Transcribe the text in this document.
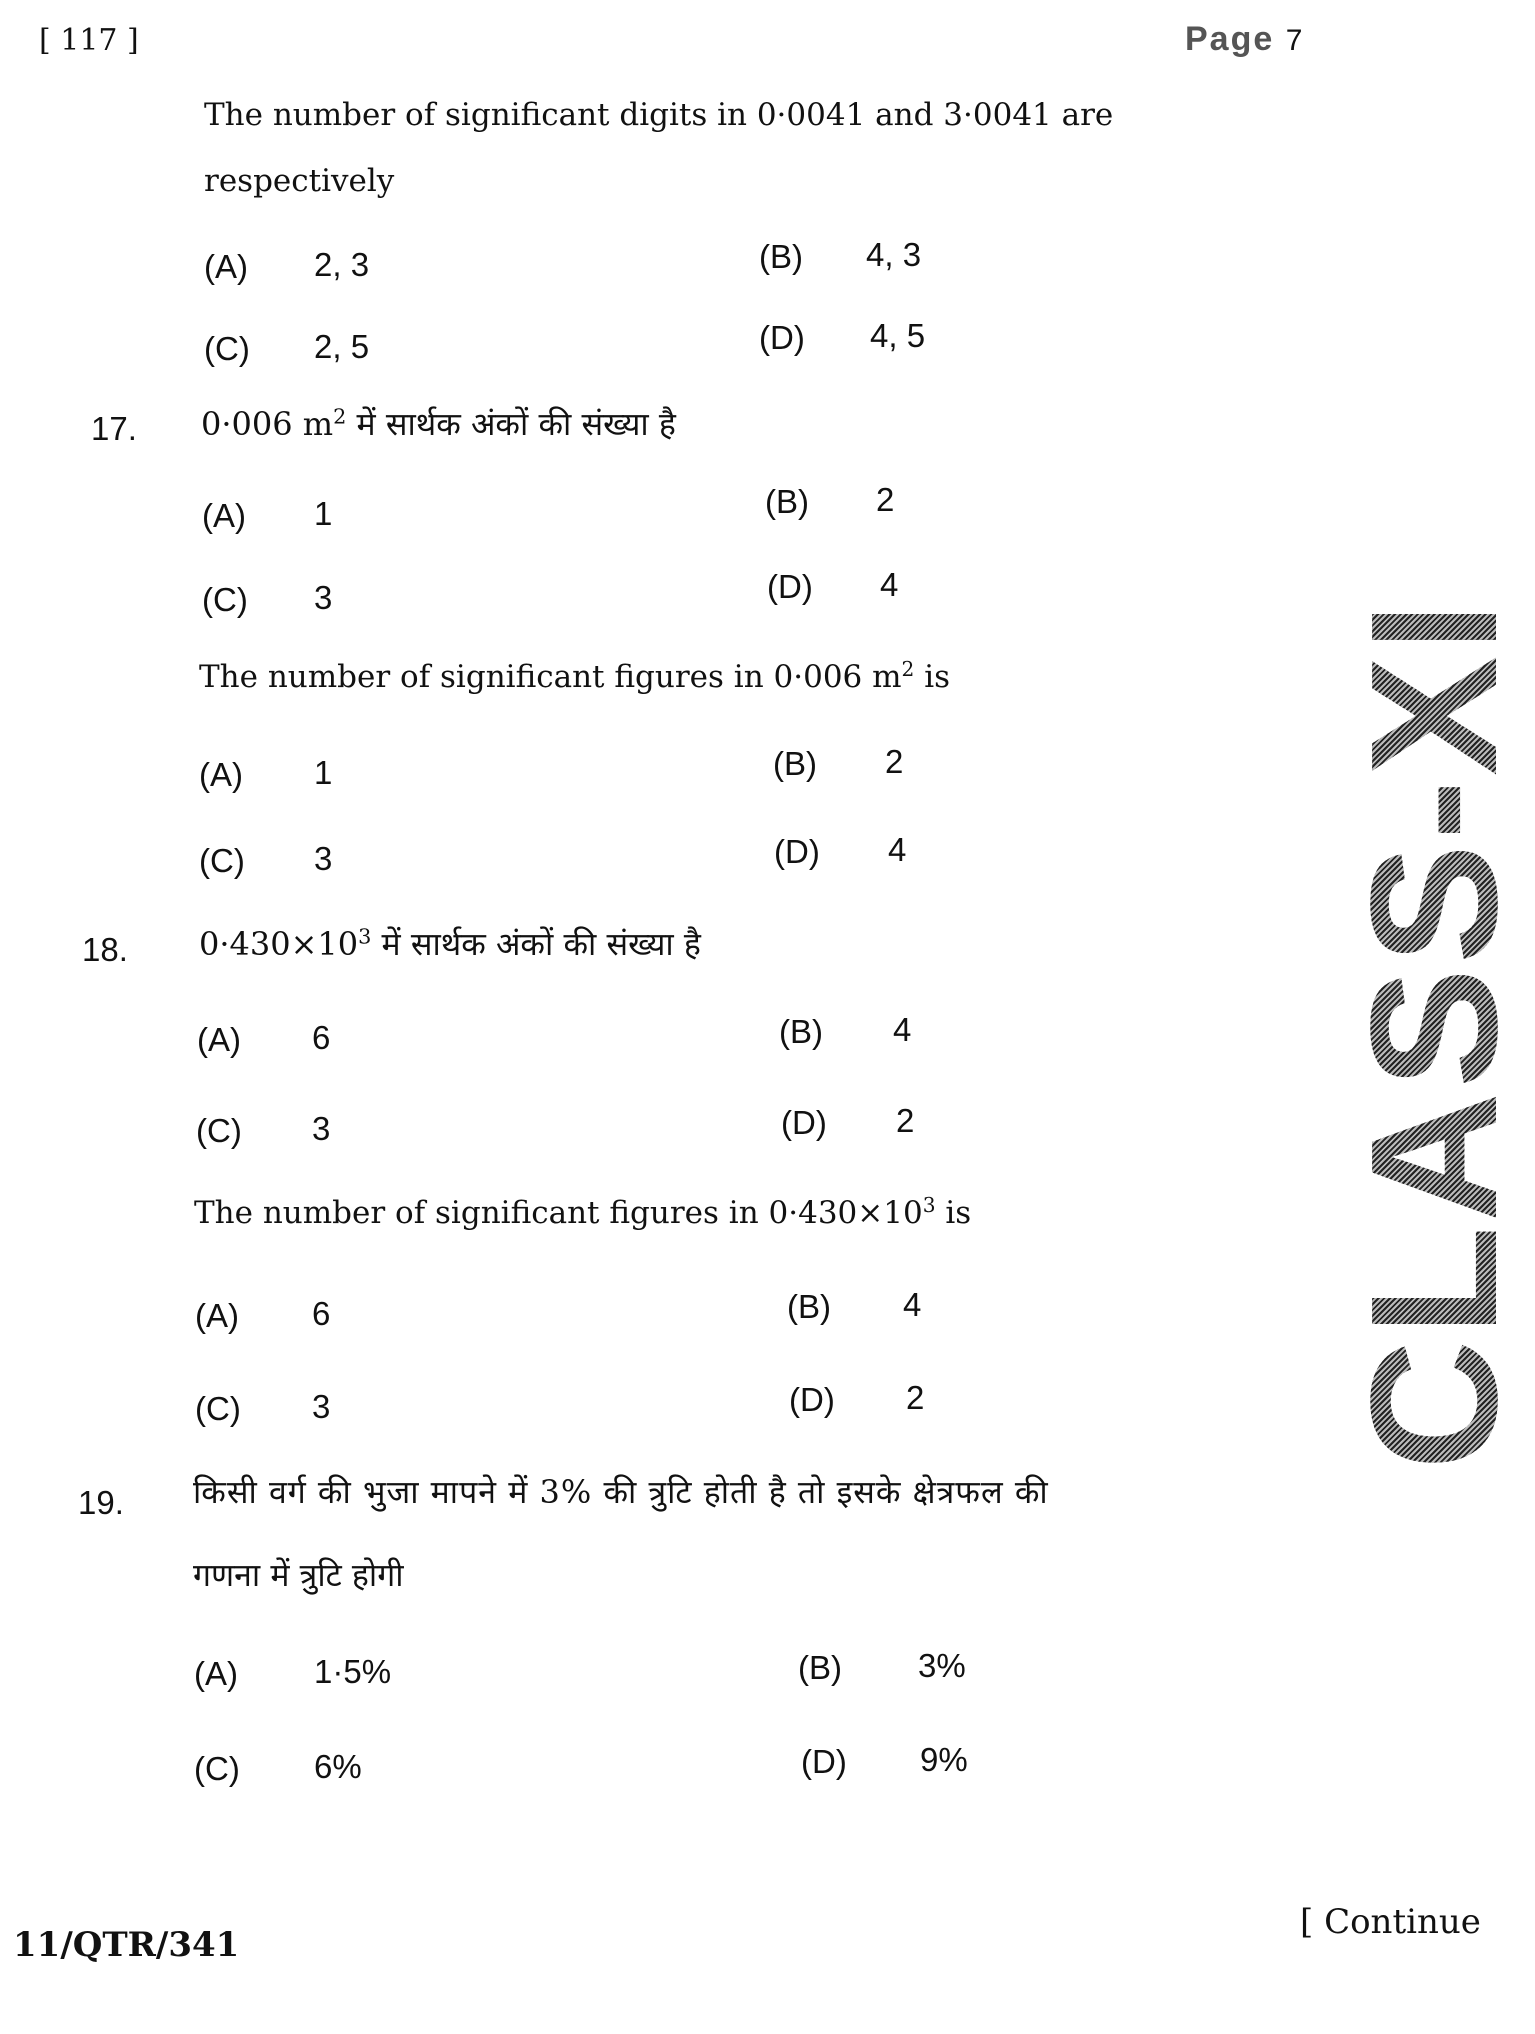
[ 117 ]	Page 7
CLASS-XI
The number of significant digits in 0·0041 and 3·0041 are
respectively
(A) 2, 3	(B) 4, 3
(C) 2, 5	(D) 4, 5
17. 0·006 $m^2$ में सार्थक अंकों की संख्या है
(A) 1	(B) 2
(C) 3	(D) 4
The number of significant figures in 0·006 $m^2$ is
(A) 1	(B) 2
(C) 3	(D) 4
18. $0\cdot 430\times 10^3$ में सार्थक अंकों की संख्या है
(A) 6	(B) 4
(C) 3	(D) 2
The number of significant figures in $0\cdot 430\times 10^3$ is
(A) 6	(B) 4
(C) 3	(D) 2
19. किसी वर्ग की भुजा मापने में 3% की त्रुटि होती है तो इसके क्षेत्रफल की
गणना में त्रुटि होगी
(A) 1·5%	(B) 3%
(C) 6%	(D) 9%
11/QTR/341
[ Continue
